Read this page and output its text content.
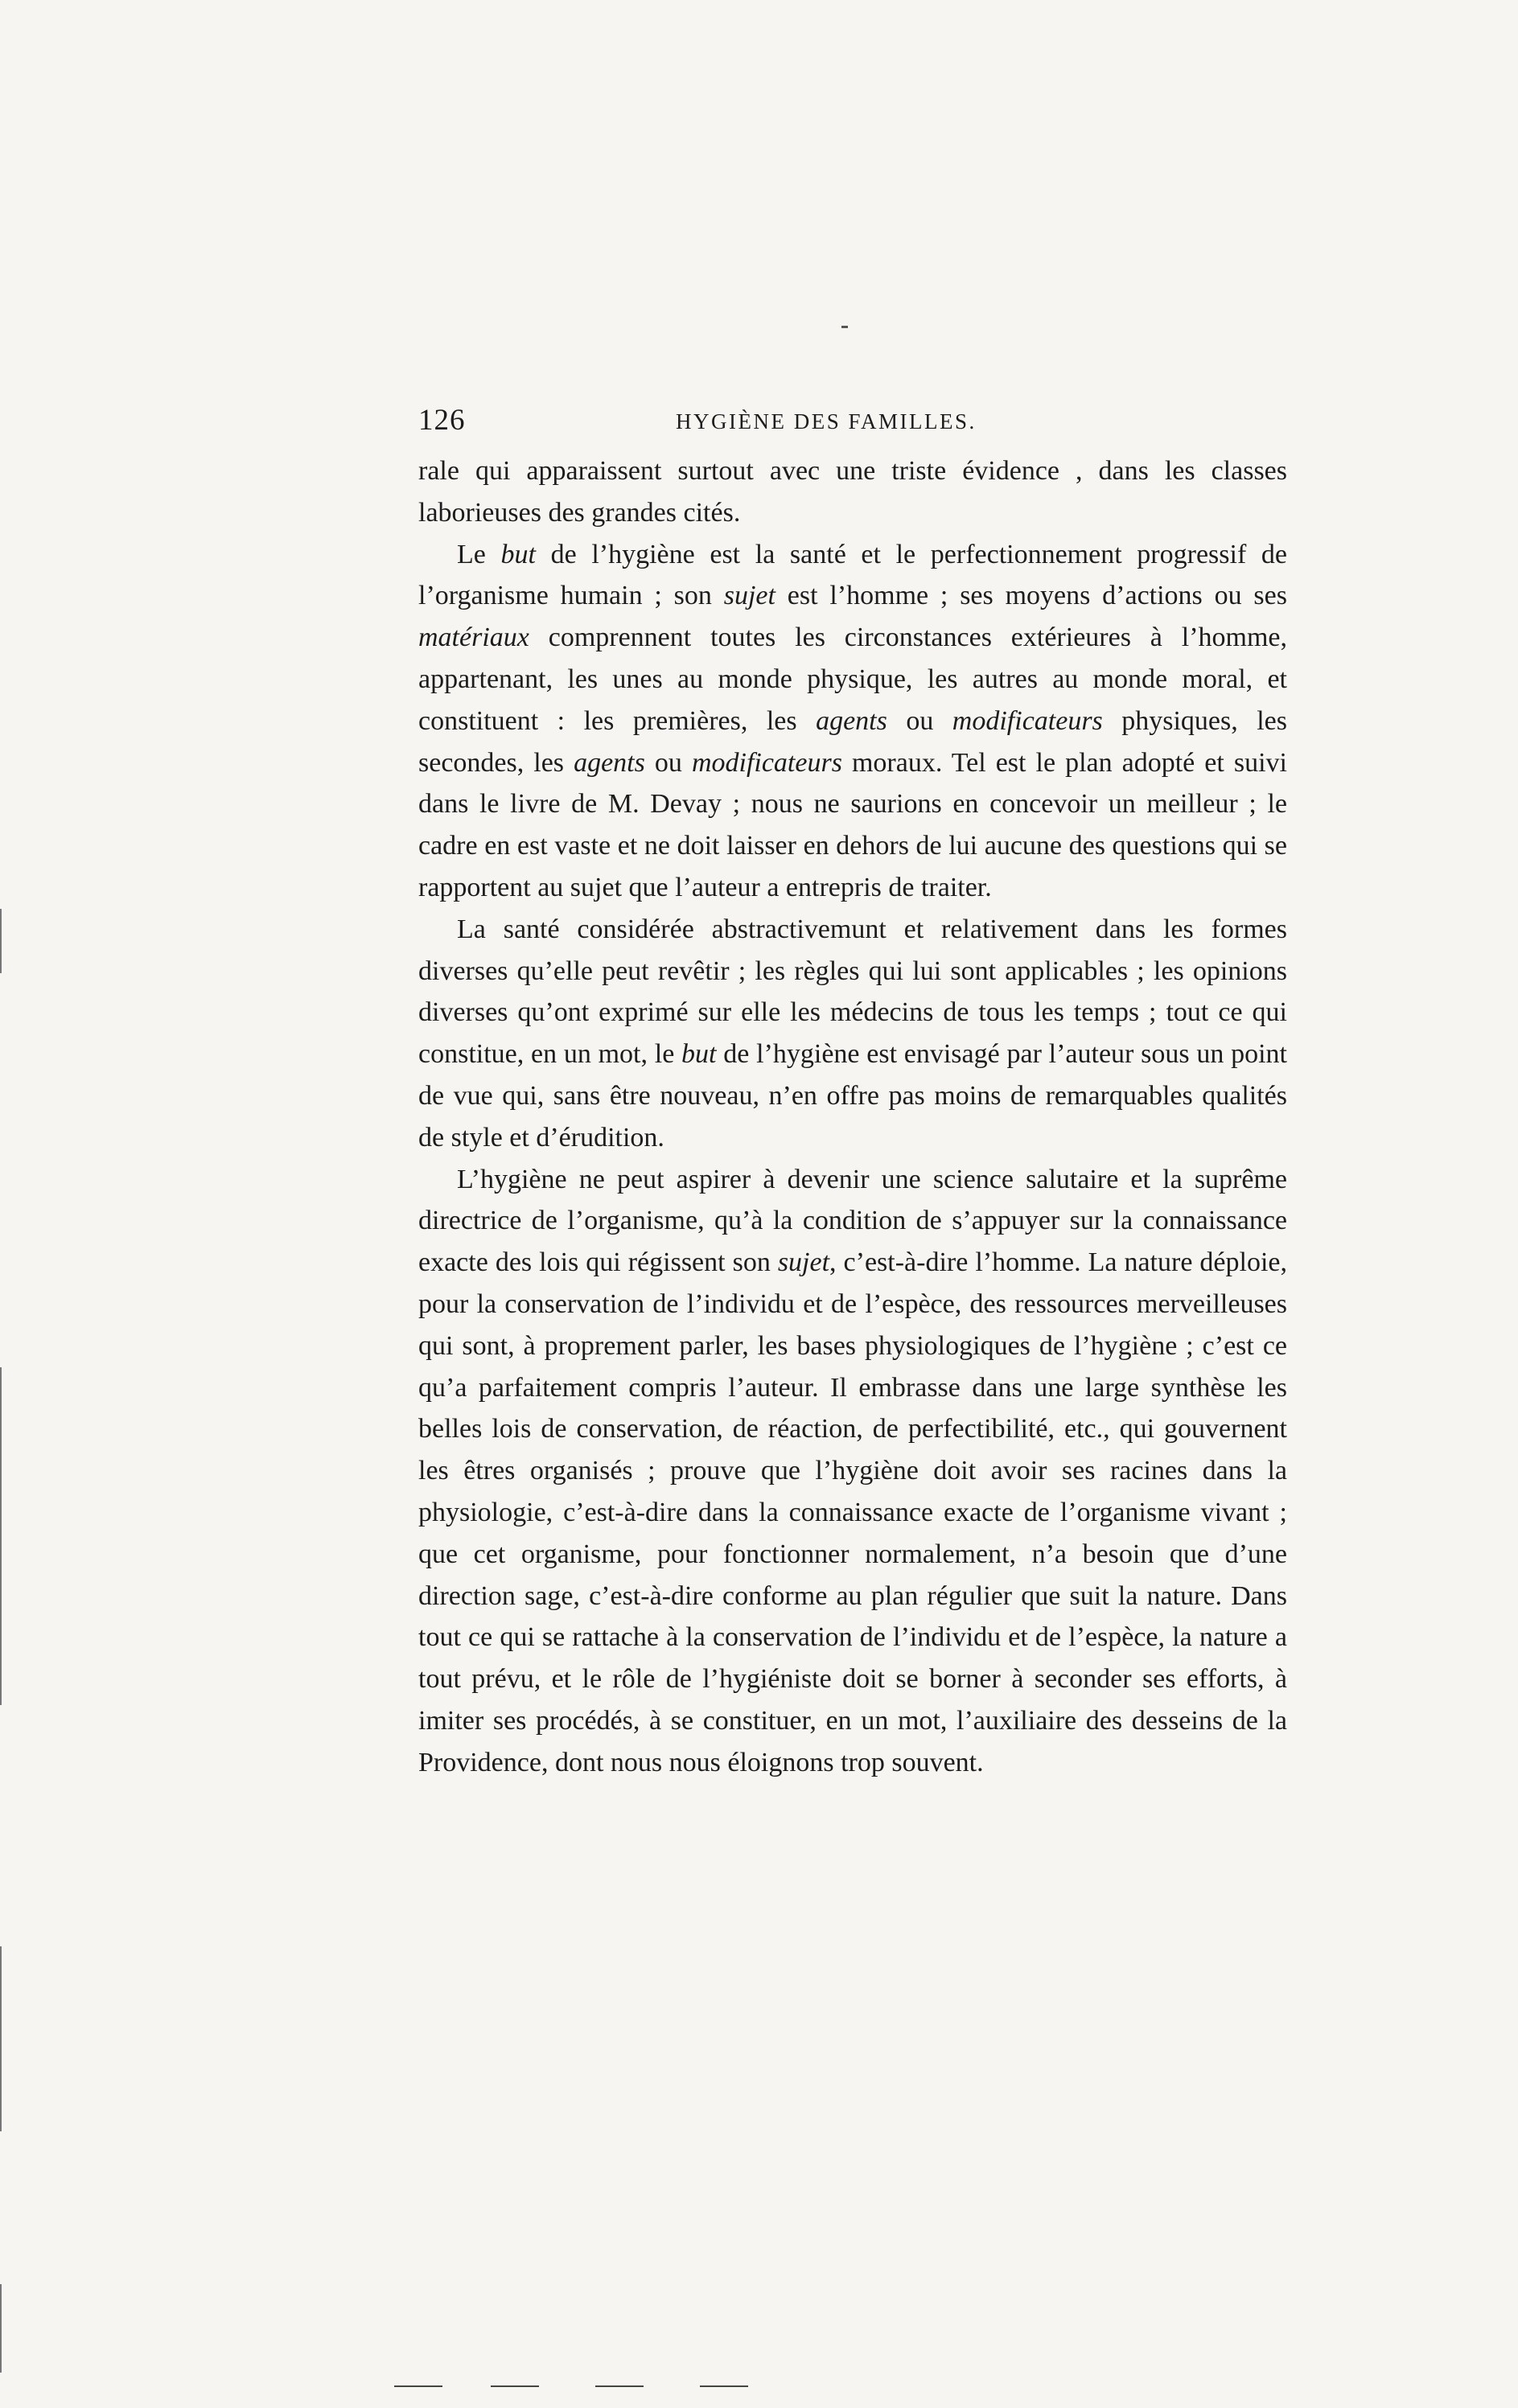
126	HYGIÈNE DES FAMILLES.

rale qui apparaissent surtout avec une triste évidence , dans les classes laborieuses des grandes cités.

Le but de l’hygiène est la santé et le perfectionnement progressif de l’organisme humain ; son sujet est l’homme ; ses moyens d’actions ou ses matériaux comprennent toutes les circonstances extérieures à l’homme, appartenant, les unes au monde physique, les autres au monde moral, et constituent : les premières, les agents ou modificateurs physiques, les secondes, les agents ou modificateurs moraux. Tel est le plan adopté et suivi dans le livre de M. Devay ; nous ne saurions en concevoir un meilleur ; le cadre en est vaste et ne doit laisser en dehors de lui aucune des questions qui se rapportent au sujet que l’auteur a entrepris de traiter.

La santé considérée abstractivemunt et relativement dans les formes diverses qu’elle peut revêtir ; les règles qui lui sont applicables ; les opinions diverses qu’ont exprimé sur elle les médecins de tous les temps ; tout ce qui constitue, en un mot, le but de l’hygiène est envisagé par l’auteur sous un point de vue qui, sans être nouveau, n’en offre pas moins de remarquables qualités de style et d’érudition.

L’hygiène ne peut aspirer à devenir une science salutaire et la suprême directrice de l’organisme, qu’à la condition de s’appuyer sur la connaissance exacte des lois qui régissent son sujet, c’est-à-dire l’homme. La nature déploie, pour la conservation de l’individu et de l’espèce, des ressources merveilleuses qui sont, à proprement parler, les bases physiologiques de l’hygiène ; c’est ce qu’a parfaitement compris l’auteur. Il embrasse dans une large synthèse les belles lois de conservation, de réaction, de perfectibilité, etc., qui gouvernent les êtres organisés ; prouve que l’hygiène doit avoir ses racines dans la physiologie, c’est-à-dire dans la connaissance exacte de l’organisme vivant ; que cet organisme, pour fonctionner normalement, n’a besoin que d’une direction sage, c’est-à-dire conforme au plan régulier que suit la nature. Dans tout ce qui se rattache à la conservation de l’individu et de l’espèce, la nature a tout prévu, et le rôle de l’hygiéniste doit se borner à seconder ses efforts, à imiter ses procédés, à se constituer, en un mot, l’auxiliaire des desseins de la Providence, dont nous nous éloignons trop souvent.
